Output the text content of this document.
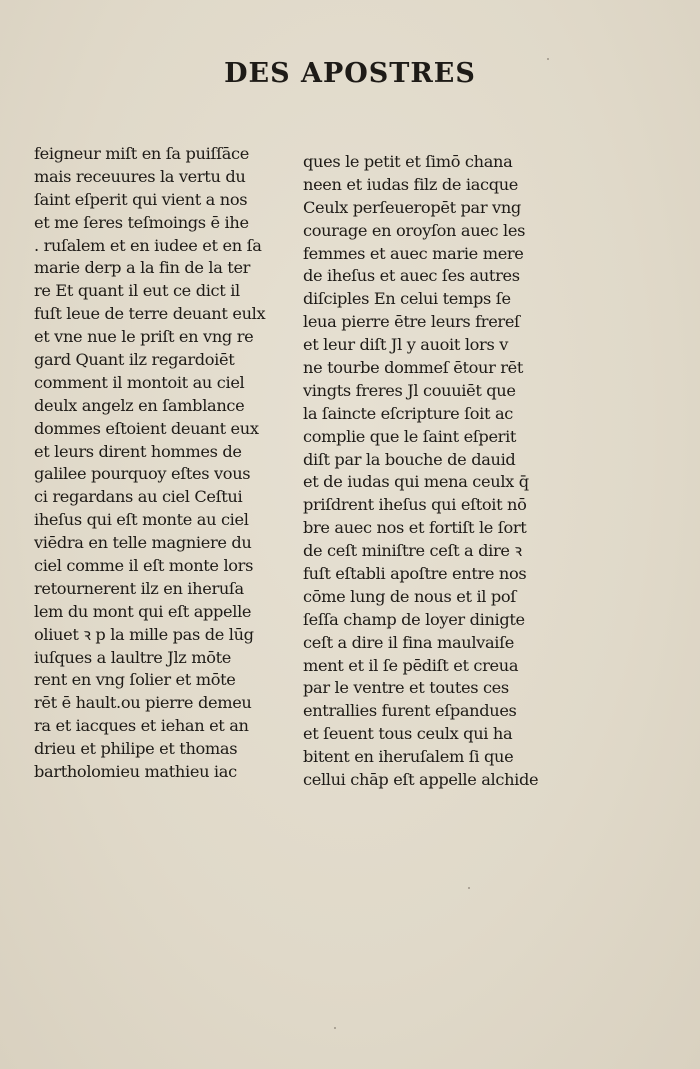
DES APOSTRES
feigneur miſt en ſa puiſſāce
mais receuures la vertu du
ſaint eſperit qui vient a nos
et me ſeres teſmoings ē ihe
. ruſalem et en iudee et en ſa
marie derp a la fin de la ter
re Et quant il eut ce dict il
fuſt leue de terre deuant eulx
et vne nue le priſt en vng re
gard Quant ilz regardoiēt
comment il montoit au ciel
deulx angelz en ſamblance
dommes eſtoient deuant eux
et leurs dirent hommes de
galilee pourquoy eſtes vous
ci regardans au ciel Ceſtui
iheſus qui eſt monte au ciel
viēdra en telle magniere du
ciel comme il eſt monte lors
retournerent ilz en iheruſa
lem du mont qui eſt appelle
oliuet ꝛ p la mille pas de lūg
iuſques a laultre Jlz mōte
rent en vng ſolier et mōte
rēt ē hault.ou pierre demeu
ra et iacques et iehan et an
drieu et philipe et thomas
bartholomieu mathieu iac
ques le petit et ſimō chana
neen et iudas filz de iacque
Ceulx perſeueropēt par vng
courage en oroyſon auec les
femmes et auec marie mere
de iheſus et auec ſes autres
diſciples En celui temps ſe
leua pierre ētre leurs frereſ
et leur diſt Jl y auoit lors v
ne tourbe dommeſ ētour rēt
vingts freres Jl couuiēt que
la ſaincte eſcripture ſoit ac
complie que le ſaint eſperit
diſt par la bouche de dauid
et de iudas qui mena ceulx q̄
priſdrent iheſus qui eſtoit nō
bre auec nos et fortiſt le ſort
de ceſt miniſtre ceſt a dire ꝛ
fuſt eſtabli apoſtre entre nos
cōme lung de nous et il poſ
ſeſſa champ de loyer dinigte
ceſt a dire il fina maulvaiſe
ment et il ſe pēdiſt et creua
par le ventre et toutes ces
entrallies furent eſpandues
et ſeuent tous ceulx qui ha
bitent en iheruſalem ſi que
cellui chāp eſt appelle alchide
